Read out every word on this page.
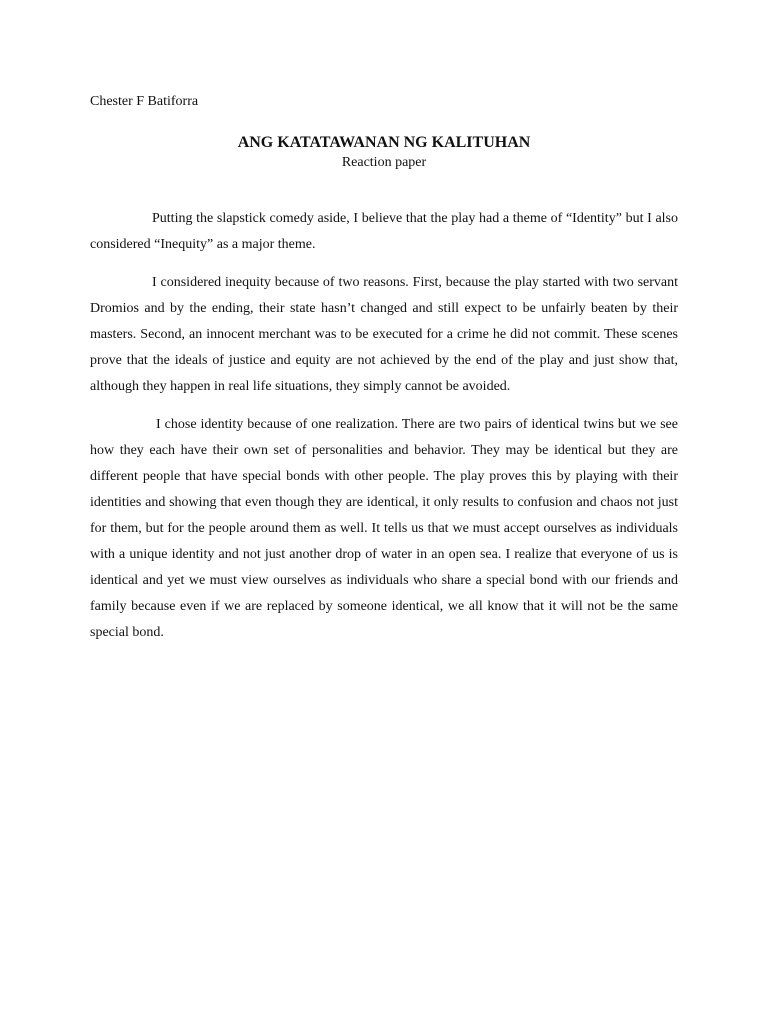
Chester F Batiforra
ANG KATATAWANAN NG KALITUHAN
Reaction paper

Putting the slapstick comedy aside, I believe that the play had a theme of “Identity” but I also considered “Inequity” as a major theme.

I considered inequity because of two reasons. First, because the play started with two servant Dromios and by the ending, their state hasn’t changed and still expect to be unfairly beaten by their masters. Second, an innocent merchant was to be executed for a crime he did not commit. These scenes prove that the ideals of justice and equity are not achieved by the end of the play and just show that, although they happen in real life situations, they simply cannot be avoided.

I chose identity because of one realization. There are two pairs of identical twins but we see how they each have their own set of personalities and behavior. They may be identical but they are different people that have special bonds with other people. The play proves this by playing with their identities and showing that even though they are identical, it only results to confusion and chaos not just for them, but for the people around them as well. It tells us that we must accept ourselves as individuals with a unique identity and not just another drop of water in an open sea. I realize that everyone of us is identical and yet we must view ourselves as individuals who share a special bond with our friends and family because even if we are replaced by someone identical, we all know that it will not be the same special bond.
